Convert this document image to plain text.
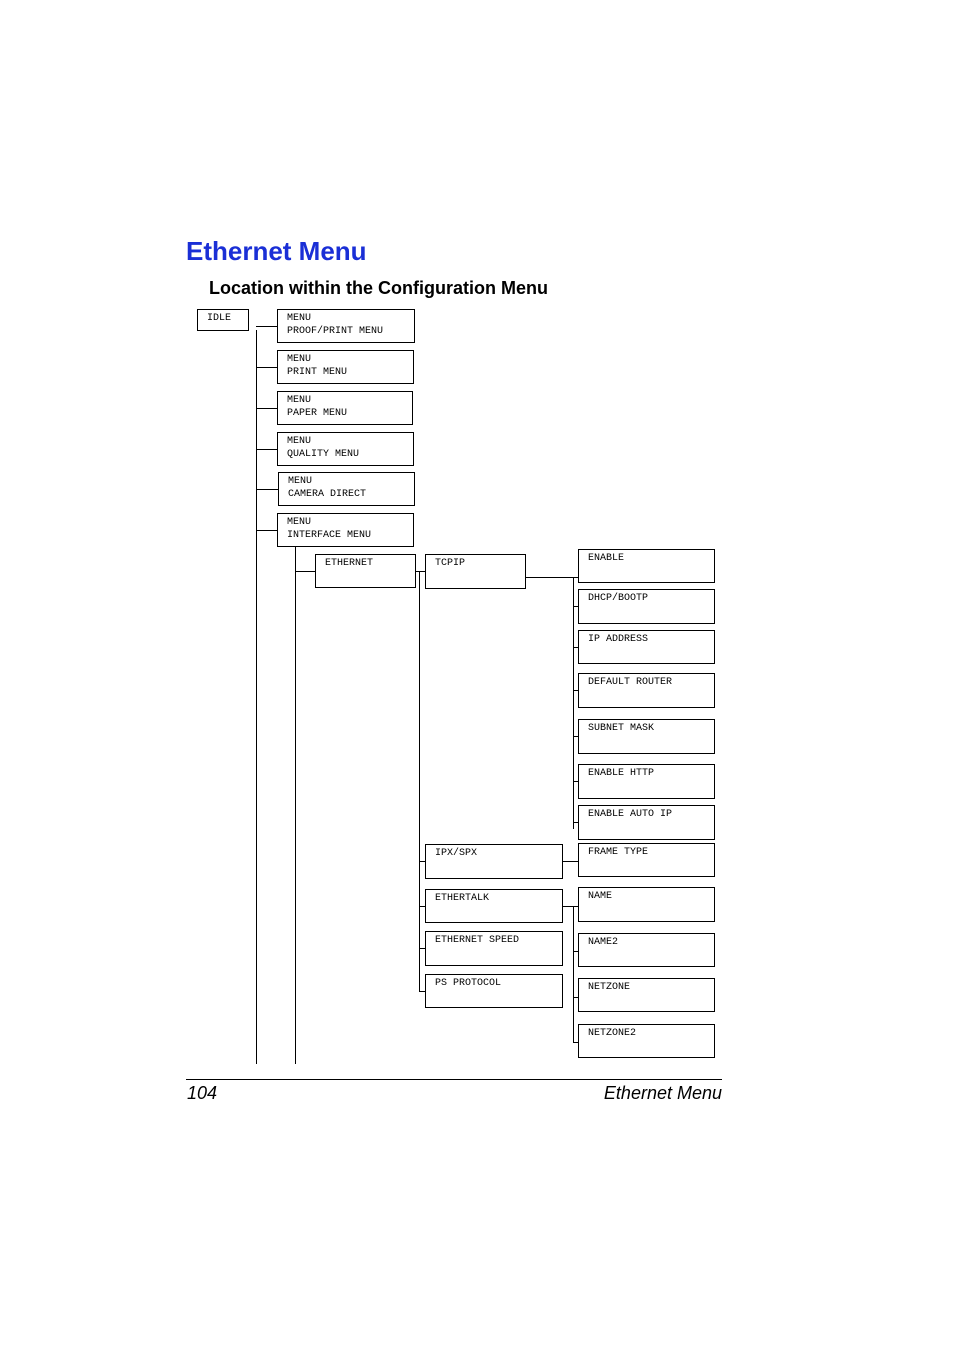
Ethernet Menu
Location within the Configuration Menu
IDLE	MENU
PROOF/PRINT MENU
MENU
PRINT MENU
MENU
PAPER MENU
MENU
QUALITY MENU
MENU
CAMERA DIRECT
MENU
INTERFACE MENU
ETHERNET	TCPIP
IPX/SPX
ETHERTALK
ETHERNET SPEED
PS PROTOCOL
ENABLE
DHCP/BOOTP
IP ADDRESS
DEFAULT ROUTER
SUBNET MASK
ENABLE HTTP
ENABLE AUTO IP
FRAME TYPE
NAME
NAME2
NETZONE
NETZONE2
104	Ethernet Menu
